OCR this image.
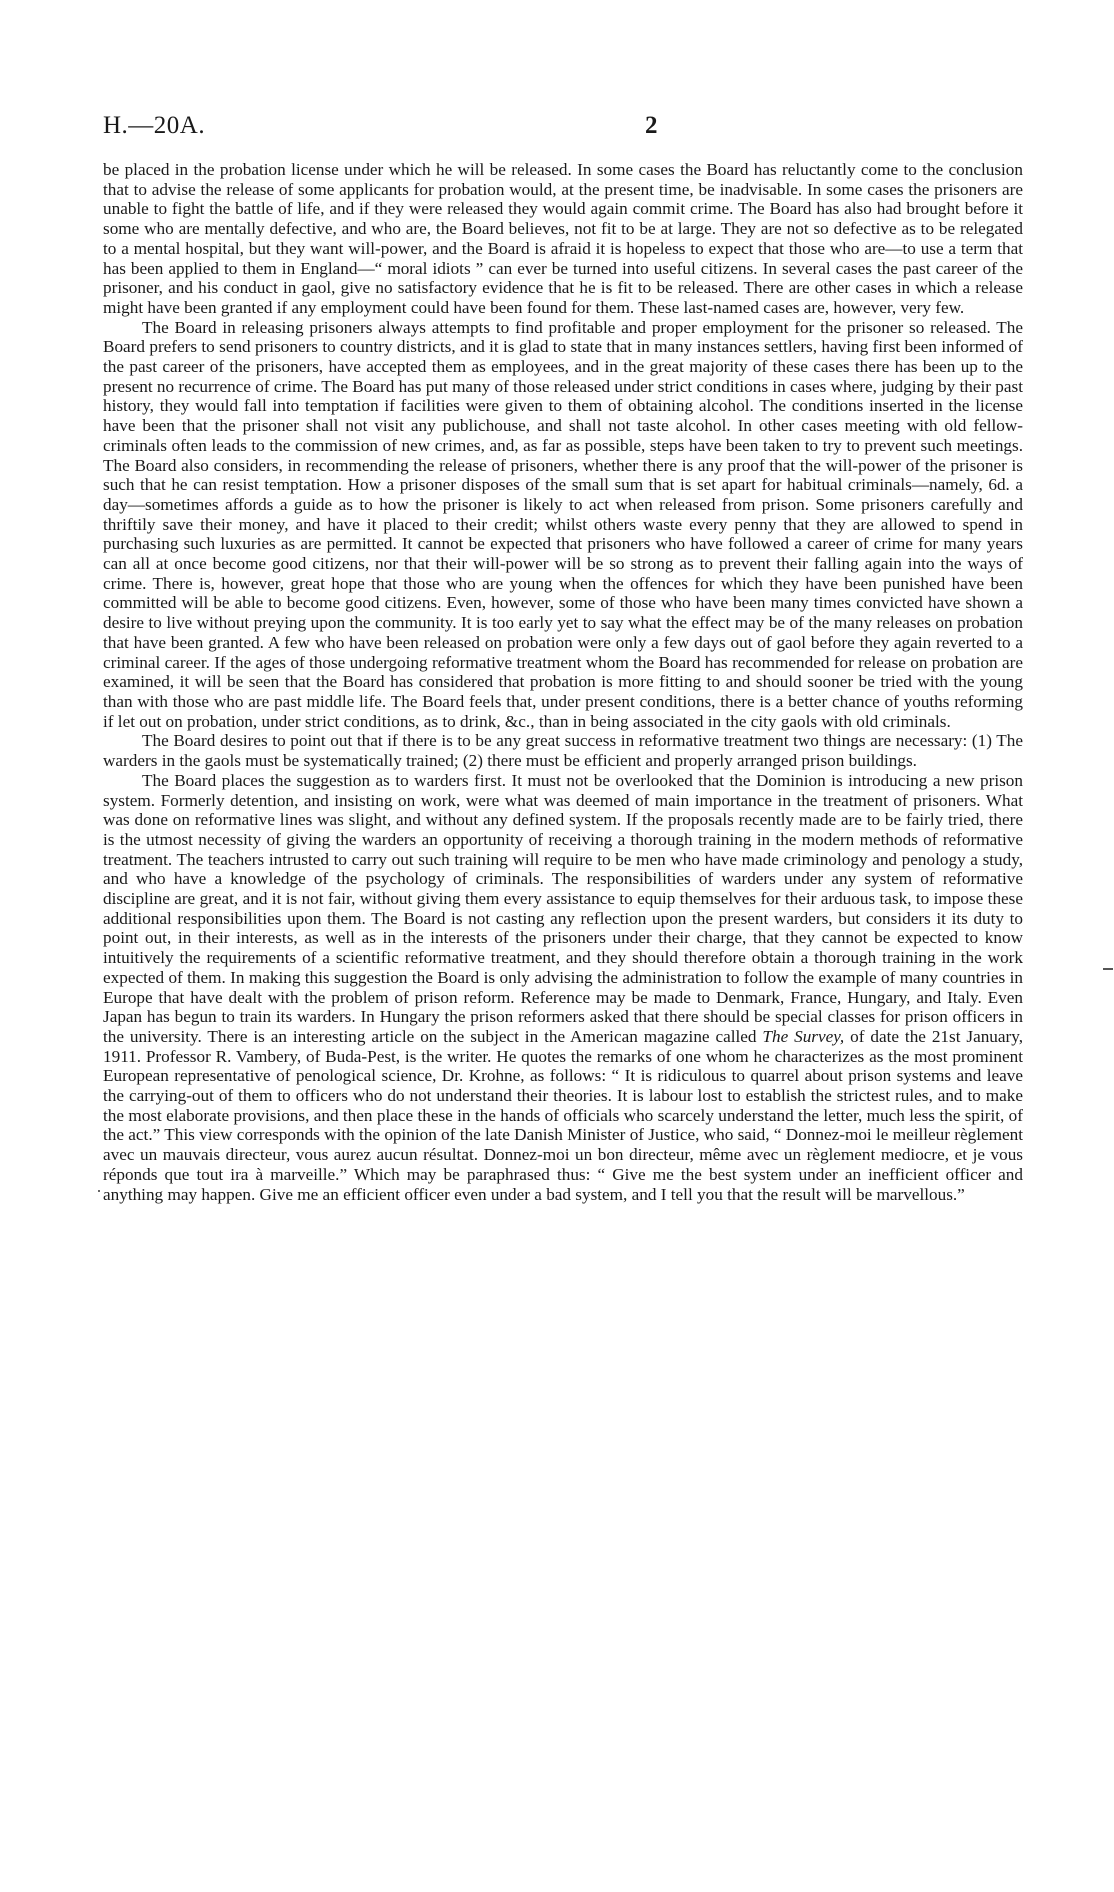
H.—20A.	2

be placed in the probation license under which he will be released. In some cases the Board has reluctantly come to the conclusion that to advise the release of some applicants for probation would, at the present time, be inadvisable. In some cases the prisoners are unable to fight the battle of life, and if they were released they would again commit crime. The Board has also had brought before it some who are mentally defective, and who are, the Board believes, not fit to be at large. They are not so defective as to be relegated to a mental hospital, but they want will-power, and the Board is afraid it is hopeless to expect that those who are—to use a term that has been applied to them in England—“ moral idiots ” can ever be turned into useful citizens. In several cases the past career of the prisoner, and his conduct in gaol, give no satisfactory evidence that he is fit to be released. There are other cases in which a release might have been granted if any employment could have been found for them. These last-named cases are, however, very few.

The Board in releasing prisoners always attempts to find profitable and proper employment for the prisoner so released. The Board prefers to send prisoners to country districts, and it is glad to state that in many instances settlers, having first been informed of the past career of the prisoners, have accepted them as employees, and in the great majority of these cases there has been up to the present no recurrence of crime. The Board has put many of those released under strict conditions in cases where, judging by their past history, they would fall into temptation if facilities were given to them of obtaining alcohol. The conditions inserted in the license have been that the prisoner shall not visit any publichouse, and shall not taste alcohol. In other cases meeting with old fellow-criminals often leads to the commission of new crimes, and, as far as possible, steps have been taken to try to prevent such meetings. The Board also considers, in recommending the release of prisoners, whether there is any proof that the will-power of the prisoner is such that he can resist temptation. How a prisoner disposes of the small sum that is set apart for habitual criminals—namely, 6d. a day—sometimes affords a guide as to how the prisoner is likely to act when released from prison. Some prisoners carefully and thriftily save their money, and have it placed to their credit; whilst others waste every penny that they are allowed to spend in purchasing such luxuries as are permitted. It cannot be expected that prisoners who have followed a career of crime for many years can all at once become good citizens, nor that their will-power will be so strong as to prevent their falling again into the ways of crime. There is, however, great hope that those who are young when the offences for which they have been punished have been committed will be able to become good citizens. Even, however, some of those who have been many times convicted have shown a desire to live without preying upon the community. It is too early yet to say what the effect may be of the many releases on probation that have been granted. A few who have been released on probation were only a few days out of gaol before they again reverted to a criminal career. If the ages of those undergoing reformative treatment whom the Board has recommended for release on probation are examined, it will be seen that the Board has considered that probation is more fitting to and should sooner be tried with the young than with those who are past middle life. The Board feels that, under present conditions, there is a better chance of youths reforming if let out on probation, under strict conditions, as to drink, &c., than in being associated in the city gaols with old criminals.

The Board desires to point out that if there is to be any great success in reformative treatment two things are necessary: (1) The warders in the gaols must be systematically trained; (2) there must be efficient and properly arranged prison buildings.

The Board places the suggestion as to warders first. It must not be overlooked that the Dominion is introducing a new prison system. Formerly detention, and insisting on work, were what was deemed of main importance in the treatment of prisoners. What was done on reformative lines was slight, and without any defined system. If the proposals recently made are to be fairly tried, there is the utmost necessity of giving the warders an opportunity of receiving a thorough training in the modern methods of reformative treatment. The teachers intrusted to carry out such training will require to be men who have made criminology and penology a study, and who have a knowledge of the psychology of criminals. The responsibilities of warders under any system of reformative discipline are great, and it is not fair, without giving them every assistance to equip themselves for their arduous task, to impose these additional responsibilities upon them. The Board is not casting any reflection upon the present warders, but considers it its duty to point out, in their interests, as well as in the interests of the prisoners under their charge, that they cannot be expected to know intuitively the requirements of a scientific reformative treatment, and they should therefore obtain a thorough training in the work expected of them. In making this suggestion the Board is only advising the administration to follow the example of many countries in Europe that have dealt with the problem of prison reform. Reference may be made to Denmark, France, Hungary, and Italy. Even Japan has begun to train its warders. In Hungary the prison reformers asked that there should be special classes for prison officers in the university. There is an interesting article on the subject in the American magazine called The Survey, of date the 21st January, 1911. Professor R. Vambery, of Buda-Pest, is the writer. He quotes the remarks of one whom he characterizes as the most prominent European representative of penological science, Dr. Krohne, as follows: “ It is ridiculous to quarrel about prison systems and leave the carrying-out of them to officers who do not understand their theories. It is labour lost to establish the strictest rules, and to make the most elaborate provisions, and then place these in the hands of officials who scarcely understand the letter, much less the spirit, of the act.” This view corresponds with the opinion of the late Danish Minister of Justice, who said, “ Donnez-moi le meilleur règlement avec un mauvais directeur, vous aurez aucun résultat. Donnez-moi un bon directeur, même avec un règlement mediocre, et je vous réponds que tout ira à marveille.” Which may be paraphrased thus: “ Give me the best system under an inefficient officer and anything may happen. Give me an efficient officer even under a bad system, and I tell you that the result will be marvellous.”
